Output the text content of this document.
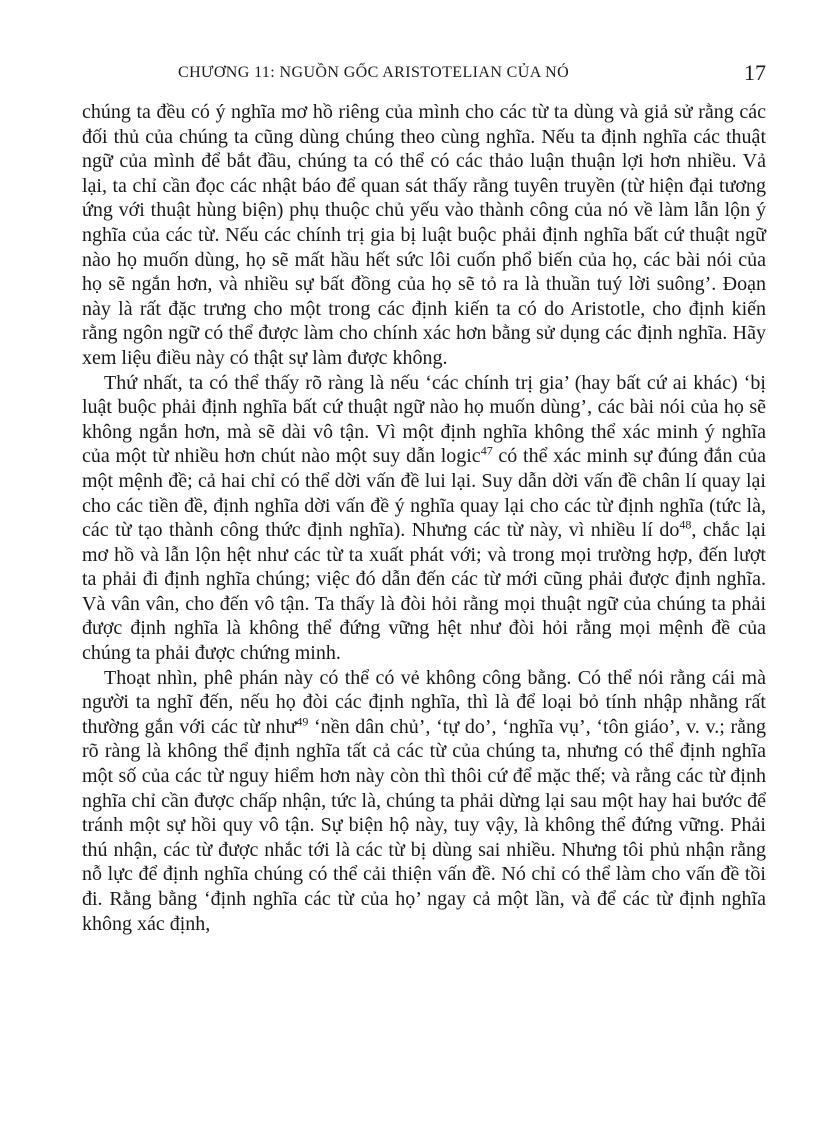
CHƯƠNG 11: NGUỒN GỐC ARISTOTELIAN CỦA NÓ	17

chúng ta đều có ý nghĩa mơ hồ riêng của mình cho các từ ta dùng và giả sử rằng các đối thủ của chúng ta cũng dùng chúng theo cùng nghĩa. Nếu ta định nghĩa các thuật ngữ của mình để bắt đầu, chúng ta có thể có các thảo luận thuận lợi hơn nhiều. Vả lại, ta chỉ cần đọc các nhật báo để quan sát thấy rằng tuyên truyền (từ hiện đại tương ứng với thuật hùng biện) phụ thuộc chủ yếu vào thành công của nó về làm lẫn lộn ý nghĩa của các từ. Nếu các chính trị gia bị luật buộc phải định nghĩa bất cứ thuật ngữ nào họ muốn dùng, họ sẽ mất hầu hết sức lôi cuốn phổ biến của họ, các bài nói của họ sẽ ngắn hơn, và nhiều sự bất đồng của họ sẽ tỏ ra là thuần tuý lời suông’. Đoạn này là rất đặc trưng cho một trong các định kiến ta có do Aristotle, cho định kiến rằng ngôn ngữ có thể được làm cho chính xác hơn bằng sử dụng các định nghĩa. Hãy xem liệu điều này có thật sự làm được không.

Thứ nhất, ta có thể thấy rõ ràng là nếu ‘các chính trị gia’ (hay bất cứ ai khác) ‘bị luật buộc phải định nghĩa bất cứ thuật ngữ nào họ muốn dùng’, các bài nói của họ sẽ không ngắn hơn, mà sẽ dài vô tận. Vì một định nghĩa không thể xác minh ý nghĩa của một từ nhiều hơn chút nào một suy dẫn logic$^{47}$ có thể xác minh sự đúng đắn của một mệnh đề; cả hai chỉ có thể dời vấn đề lui lại. Suy dẫn dời vấn đề chân lí quay lại cho các tiền đề, định nghĩa dời vấn đề ý nghĩa quay lại cho các từ định nghĩa (tức là, các từ tạo thành công thức định nghĩa). Nhưng các từ này, vì nhiều lí $do^{48}$, chắc lại mơ hồ và lẫn lộn hệt như các từ ta xuất phát với; và trong mọi trường hợp, đến lượt ta phải đi định nghĩa chúng; việc đó dẫn đến các từ mới cũng phải được định nghĩa. Và vân vân, cho đến vô tận. Ta thấy là đòi hỏi rằng mọi thuật ngữ của chúng ta phải được định nghĩa là không thể đứng vững hệt như đòi hỏi rằng mọi mệnh đề của chúng ta phải được chứng minh.

Thoạt nhìn, phê phán này có thể có vẻ không công bằng. Có thể nói rằng cái mà người ta nghĩ đến, nếu họ đòi các định nghĩa, thì là để loại bỏ tính nhập nhằng rất thường gắn với các từ như$^{49}$ ‘nền dân chủ’, ‘tự do’, ‘nghĩa vụ’, ‘tôn giáo’, v. v.; rằng rõ ràng là không thể định nghĩa tất cả các từ của chúng ta, nhưng có thể định nghĩa một số của các từ nguy hiểm hơn này còn thì thôi cứ để mặc thế; và rằng các từ định nghĩa chỉ cần được chấp nhận, tức là, chúng ta phải dừng lại sau một hay hai bước để tránh một sự hồi quy vô tận. Sự biện hộ này, tuy vậy, là không thể đứng vững. Phải thú nhận, các từ được nhắc tới là các từ bị dùng sai nhiều. Nhưng tôi phủ nhận rằng nỗ lực để định nghĩa chúng có thể cải thiện vấn đề. Nó chỉ có thể làm cho vấn đề tồi đi. Rằng bằng ‘định nghĩa các từ của họ’ ngay cả một lần, và để các từ định nghĩa không xác định,
